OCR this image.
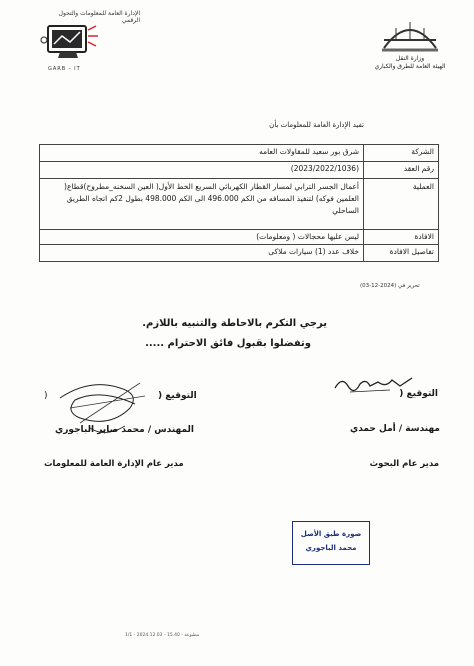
الإدارة العامة للمعلومات والتحول الرقمي
GARB - IT
وزارة النقل
الهيئة العامة للطرق والكباري
تفيد الإدارة العامة للمعلومات بأن
الشركة	شرق بور سعيد للمقاولات العامه
رقم العقد	(2023/2022/1036)
العملية	أعمال الجسر الترابي لمسار القطار الكهربائي السريع الخط الأول( العين السخنه_مطروح)قطاع( العلمين فوكه) لتنفيذ المسافه من الكم 496.000 الى الكم 498.000 بطول 2كم اتجاه الطريق الساحلي
الافادة	ليس عليها محجالات ( ومعلومات)
تفاصيل الافادة	خلاف عدد (1) سيارات ملاكى
تحرير في (2024-12-03)
يرجي التكرم بالاحاطة والتنبيه باللازم.
وتفضلوا بقبول فائق الاحترام .....
التوقيع (
)	التوقيع (
مهندسة / أمل حمدي
المهندس / محمد صابر الباجوري
مدير عام البحوث
مدير عام الإدارة العامة للمعلومات
صورة طبق الأصل
محمد الباجوري
مطبوعة - 15.40 - 2024.12.03 - 1/1
